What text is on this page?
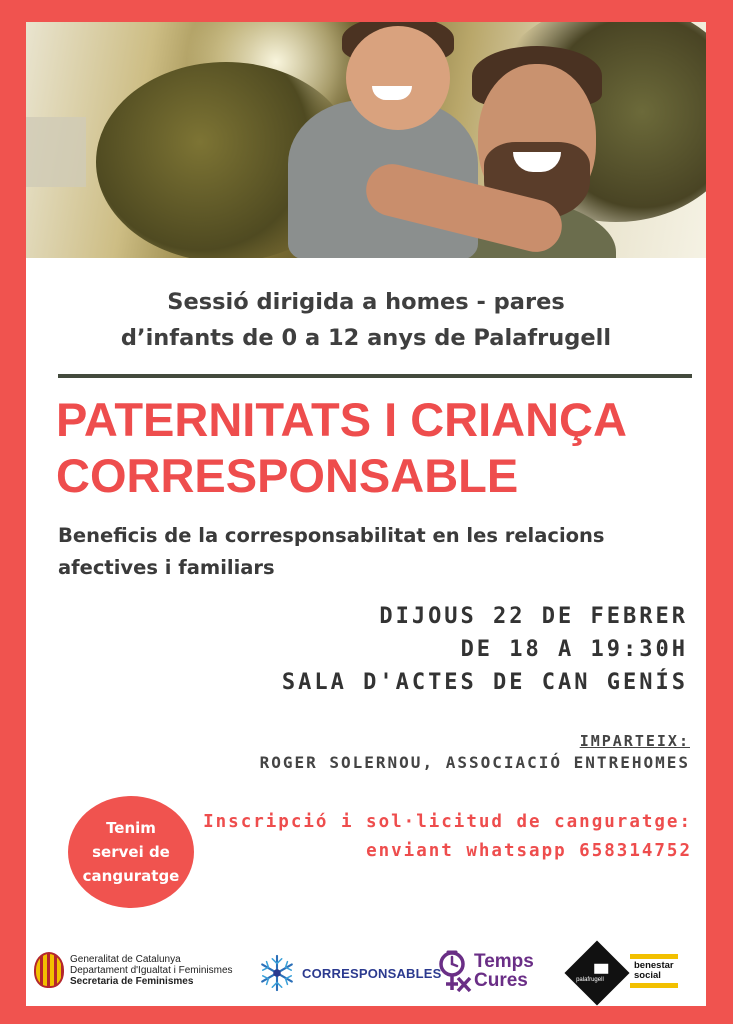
Sessió dirigida a homes - pares
d’infants de 0 a 12 anys de Palafrugell
PATERNITATS I CRIANÇA
CORRESPONSABLE
Beneficis de la corresponsabilitat en les relacions
afectives i familiars
DIJOUS 22 DE FEBRER
DE 18 A 19:30H
SALA D'ACTES DE CAN GENÍS
IMPARTEIX:
ROGER SOLERNOU, ASSOCIACIÓ ENTREHOMES
Tenim servei de canguratge
Inscripció i sol·licitud de canguratge:
enviant whatsapp 658314752
Generalitat de Catalunya
Departament d'Igualtat i Feminismes
Secretaria de Feminismes
CORRESPONSABLES
Temps
Cures	palafrugell
benestar
social
